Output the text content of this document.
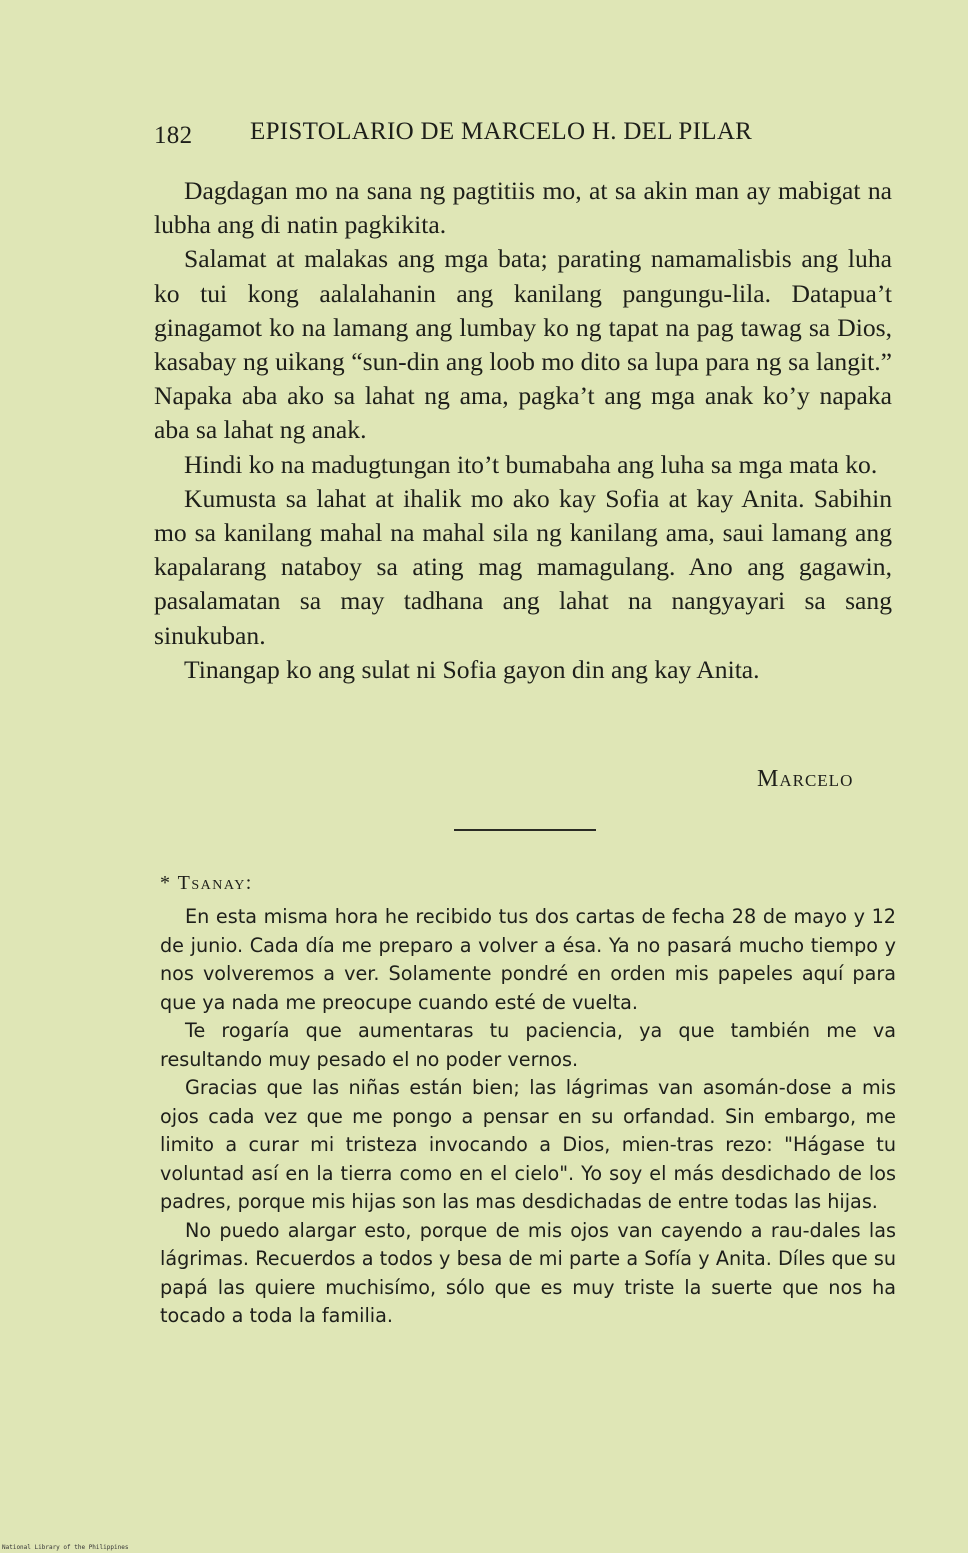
182 EPISTOLARIO DE MARCELO H. DEL PILAR

Dagdagan mo na sana ng pagtitiis mo, at sa akin man ay mabigat na lubha ang di natin pagkikita.

Salamat at malakas ang mga bata; parating namamalisbis ang luha ko tui kong aalalahanin ang kanilang pangungu-lila. Datapua’t ginagamot ko na lamang ang lumbay ko ng tapat na pag tawag sa Dios, kasabay ng uikang “sun-din ang loob mo dito sa lupa para ng sa langit.” Napaka aba ako sa lahat ng ama, pagka’t ang mga anak ko’y napaka aba sa lahat ng anak.

Hindi ko na madugtungan ito’t bumabaha ang luha sa mga mata ko.

Kumusta sa lahat at ihalik mo ako kay Sofia at kay Anita. Sabihin mo sa kanilang mahal na mahal sila ng kanilang ama, saui lamang ang kapalarang nataboy sa ating mag mamagulang. Ano ang gagawin, pasalamatan sa may tadhana ang lahat na nangyayari sa sang sinukuban.

Tinangap ko ang sulat ni Sofia gayon din ang kay Anita.

Marcelo
* Tsanay:

En esta misma hora he recibido tus dos cartas de fecha 28 de mayo y 12 de junio. Cada día me preparo a volver a ésa. Ya no pasará mucho tiempo y nos volveremos a ver. Solamente pondré en orden mis papeles aquí para que ya nada me preocupe cuando esté de vuelta.

Te rogaría que aumentaras tu paciencia, ya que también me va resultando muy pesado el no poder vernos.

Gracias que las niñas están bien; las lágrimas van asomán-dose a mis ojos cada vez que me pongo a pensar en su orfandad. Sin embargo, me limito a curar mi tristeza invocando a Dios, mien-tras rezo: "Hágase tu voluntad así en la tierra como en el cielo". Yo soy el más desdichado de los padres, porque mis hijas son las mas desdichadas de entre todas las hijas.

No puedo alargar esto, porque de mis ojos van cayendo a rau-dales las lágrimas. Recuerdos a todos y besa de mi parte a Sofía y Anita. Díles que su papá las quiere muchisímo, sólo que es muy triste la suerte que nos ha tocado a toda la familia.

National Library of the Philippines
